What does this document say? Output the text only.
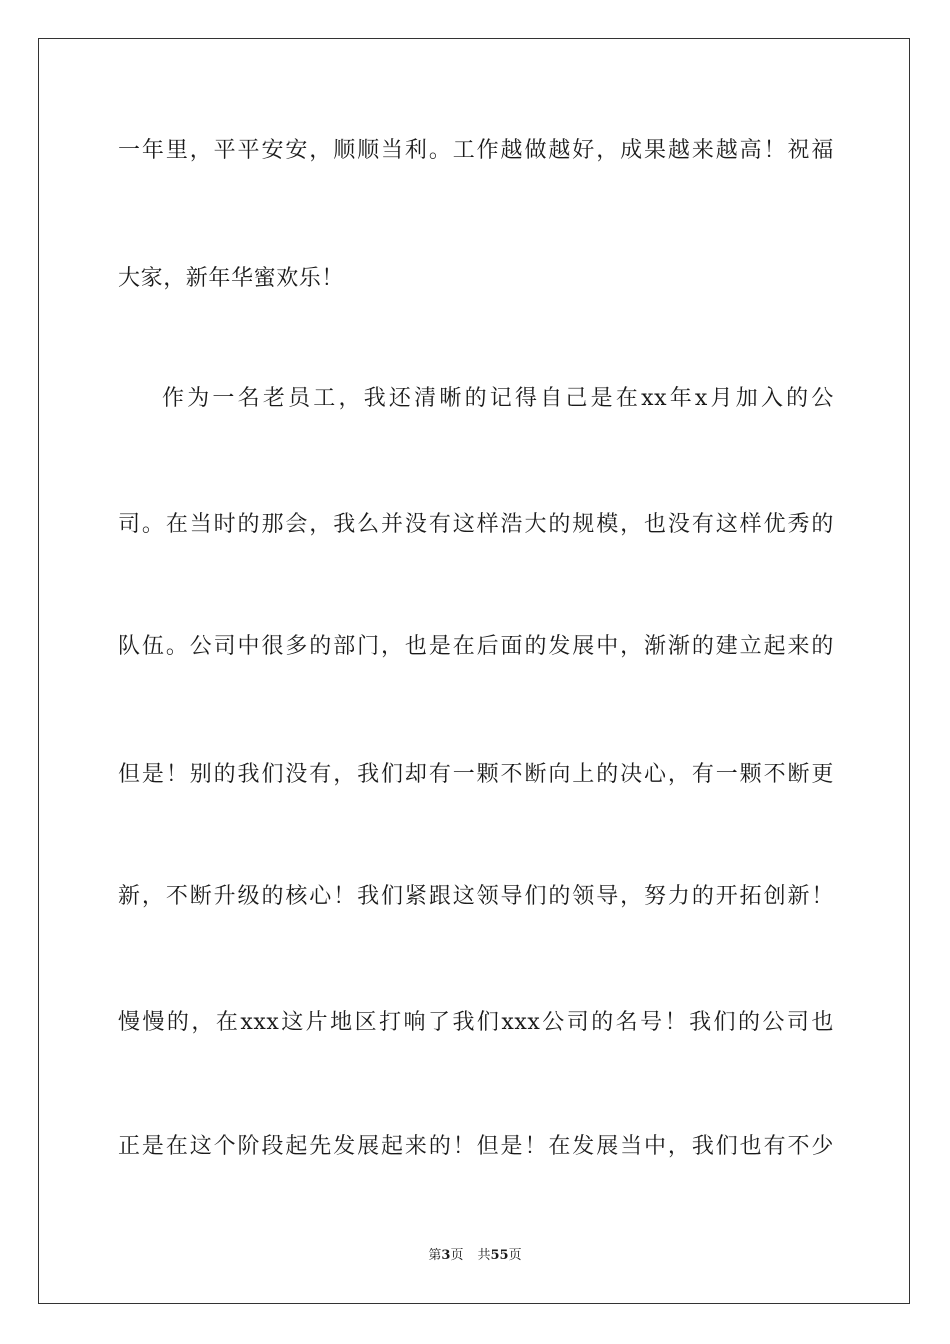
一年里，平平安安，顺顺当利。工作越做越好，成果越来越高！祝福
大家，新年华蜜欢乐！
作为一名老员工，我还清晰的记得自己是在xx年x月加入的公
司。在当时的那会，我么并没有这样浩大的规模，也没有这样优秀的
队伍。公司中很多的部门，也是在后面的发展中，渐渐的建立起来的
但是！别的我们没有，我们却有一颗不断向上的决心，有一颗不断更
新，不断升级的核心！我们紧跟这领导们的领导，努力的开拓创新！
慢慢的，在xxx这片地区打响了我们xxx公司的名号！我们的公司也
正是在这个阶段起先发展起来的！但是！在发展当中，我们也有不少
第3页 共55页
